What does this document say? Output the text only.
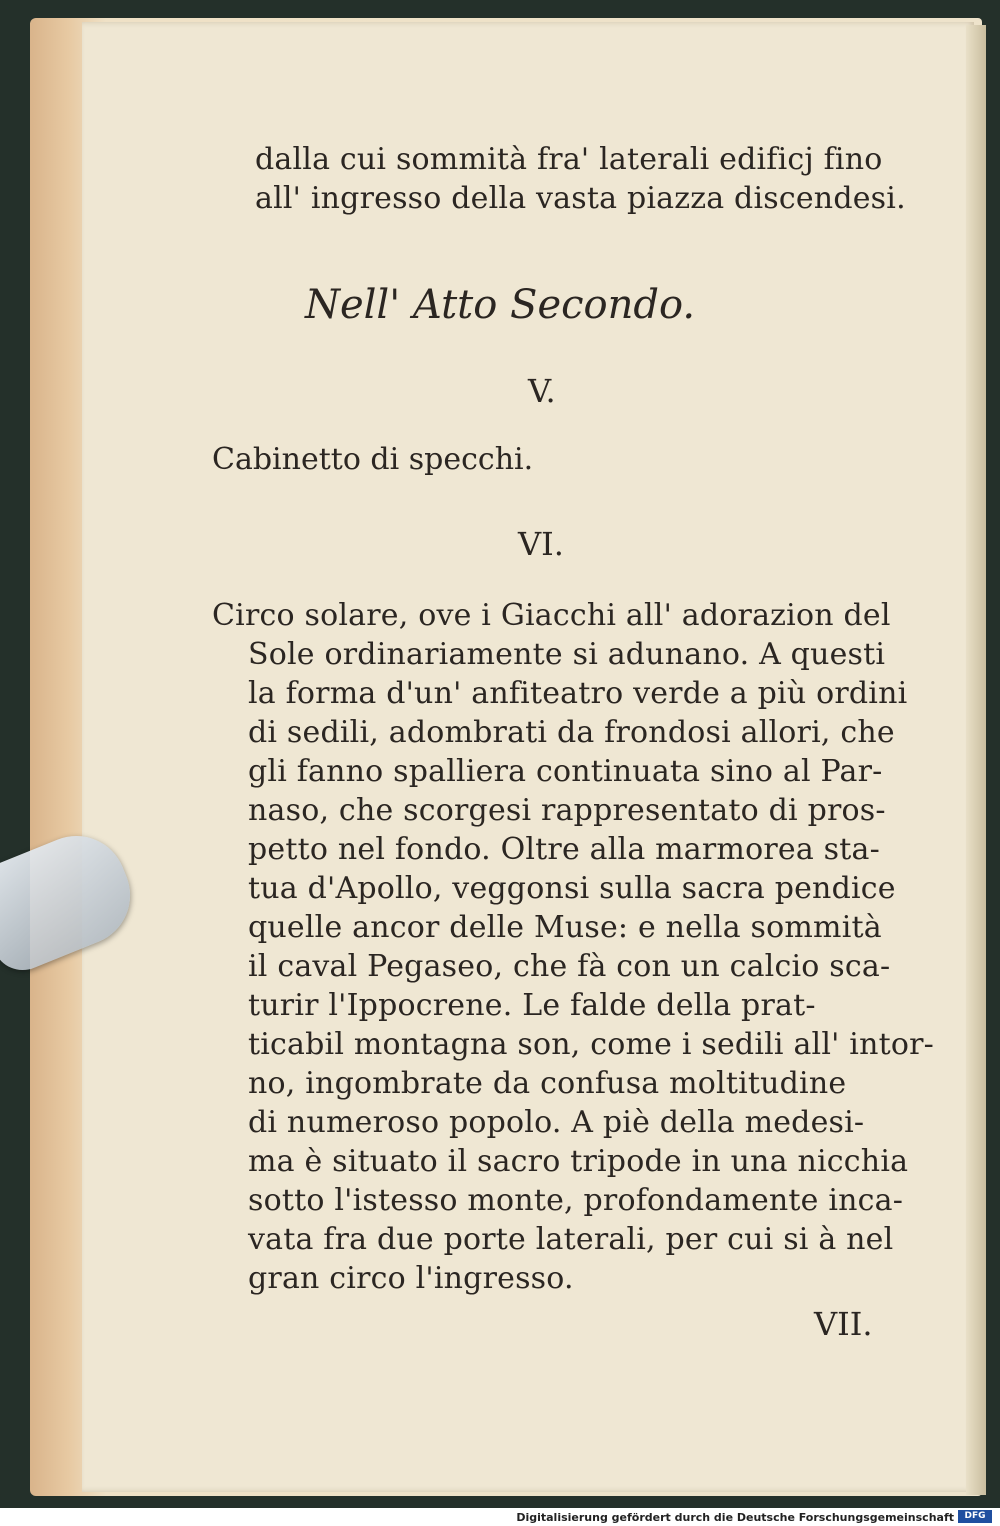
dalla cui sommità fra' laterali edificj fino
all' ingresso della vasta piazza discendesi.
Nell' Atto Secondo.
V.
Cabinetto di specchi.
VI.
Circo solare, ove i Giacchi all' adorazion del
Sole ordinariamente si adunano. A questi
la forma d'un' anfiteatro verde a più ordini
di sedili, adombrati da frondosi allori, che
gli fanno spalliera continuata sino al Par-
naso, che scorgesi rappresentato di pros-
petto nel fondo. Oltre alla marmorea sta-
tua d'Apollo, veggonsi sulla sacra pendice
quelle ancor delle Muse: e nella sommità
il caval Pegaseo, che fà con un calcio sca-
turir l'Ippocrene. Le falde della prat-
ticabil montagna son, come i sedili all' intor-
no, ingombrate da confusa moltitudine
di numeroso popolo. A piè della medesi-
ma è situato il sacro tripode in una nicchia
sotto l'istesso monte, profondamente inca-
vata fra due porte laterali, per cui si à nel
gran circo l'ingresso.
VII.
Digitalisierung gefördert durch die Deutsche Forschungsgemeinschaft	DFG
